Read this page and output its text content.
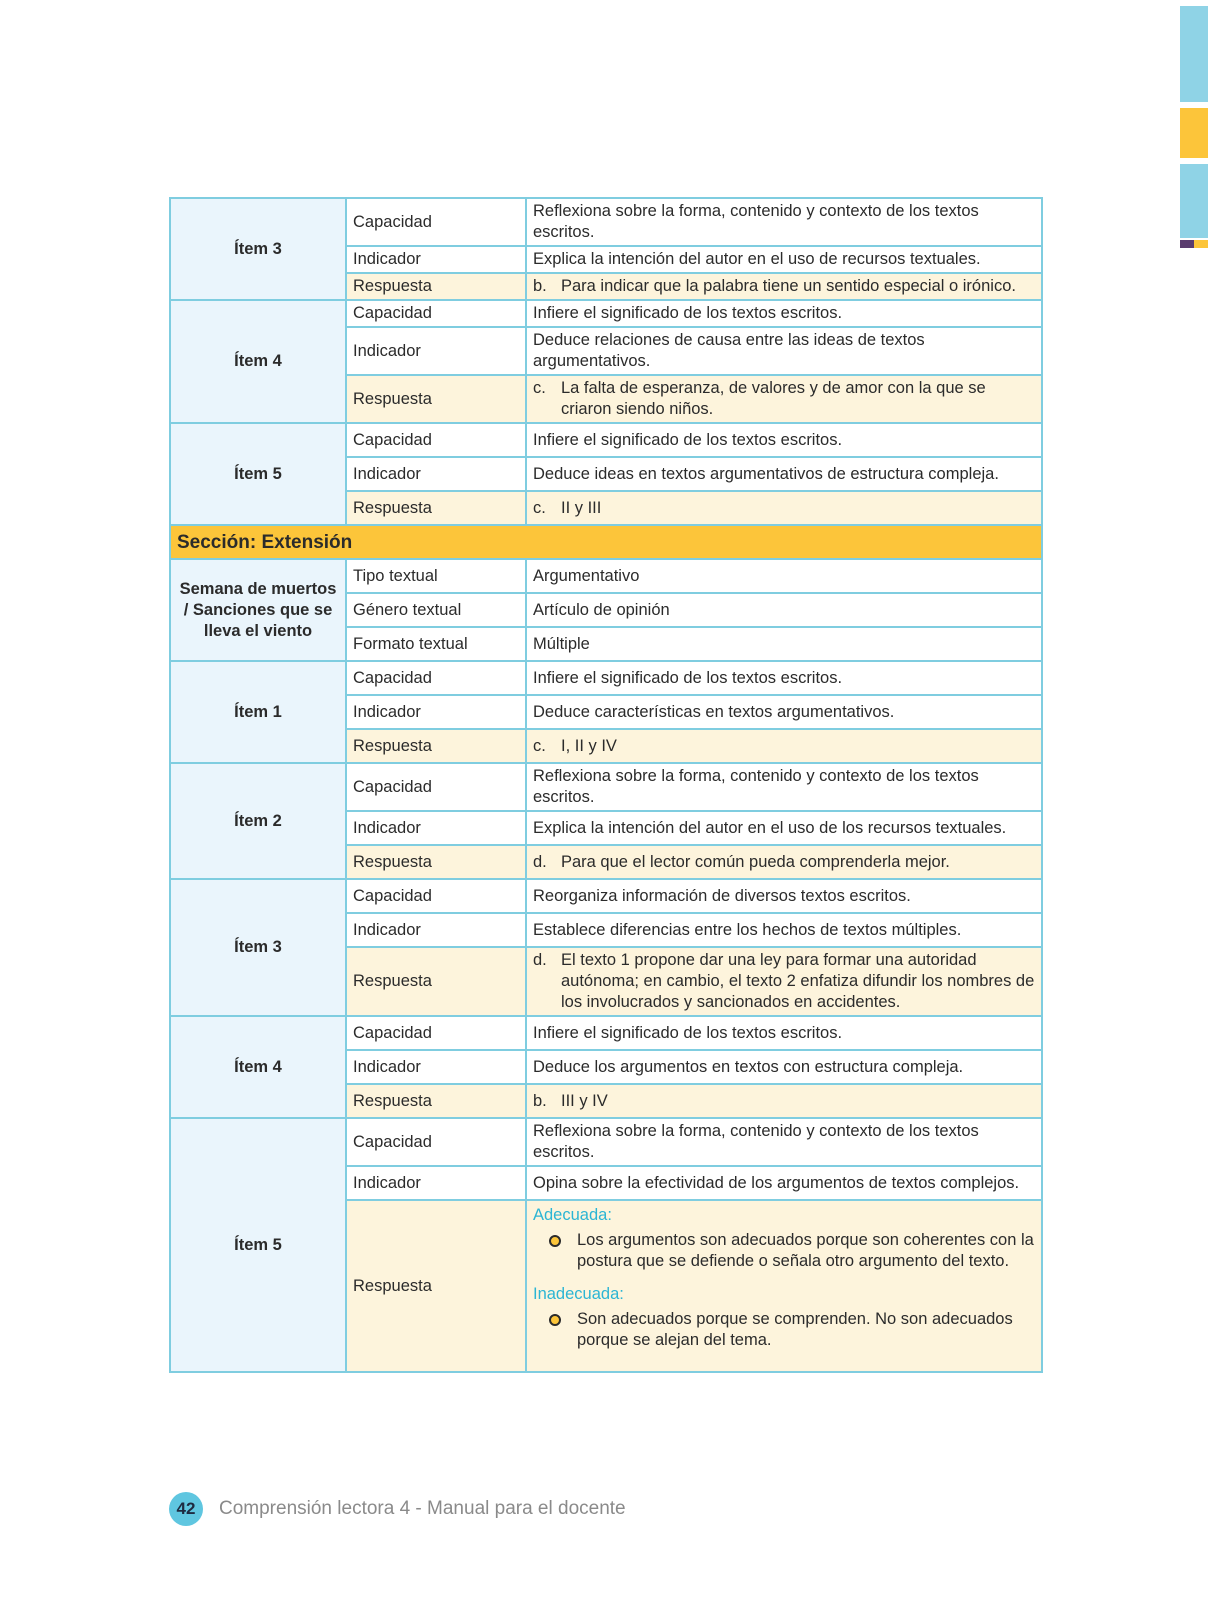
Ítem 3	Capacidad	Reflexiona sobre la forma, contenido y contexto de los textos escritos.
	Indicador	Explica la intención del autor en el uso de recursos textuales.
	Respuesta	b. Para indicar que la palabra tiene un sentido especial o irónico.

Ítem 4	Capacidad	Infiere el significado de los textos escritos.
	Indicador	Deduce relaciones de causa entre las ideas de textos argumentativos.
	Respuesta	c. La falta de esperanza, de valores y de amor con la que se criaron siendo niños.

Ítem 5	Capacidad	Infiere el significado de los textos escritos.
	Indicador	Deduce ideas en textos argumentativos de estructura compleja.
	Respuesta	c. II y III

Sección: Extensión		
Semana de muertos / Sanciones que se lleva el viento	Tipo textual	Argumentativo
	Género textual	Artículo de opinión
	Formato textual	Múltiple
Ítem 1	Capacidad	Infiere el significado de los textos escritos.
	Indicador	Deduce características en textos argumentativos.
	Respuesta	c. I, II y IV

Ítem 2	Capacidad	Reflexiona sobre la forma, contenido y contexto de los textos escritos.
	Indicador	Explica la intención del autor en el uso de los recursos textuales.
	Respuesta	d. Para que el lector común pueda comprenderla mejor.

Ítem 3	Capacidad	Reorganiza información de diversos textos escritos.
	Indicador	Establece diferencias entre los hechos de textos múltiples.
	Respuesta	d. El texto 1 propone dar una ley para formar una autoridad autónoma; en cambio, el texto 2 enfatiza difundir los nombres de los involucrados y sancionados en accidentes.

Ítem 4	Capacidad	Infiere el significado de los textos escritos.
	Indicador	Deduce los argumentos en textos con estructura compleja.
	Respuesta	b. III y IV

Ítem 5	Capacidad	Reflexiona sobre la forma, contenido y contexto de los textos escritos.
	Indicador	Opina sobre la efectividad de los argumentos de textos complejos.
	Respuesta	Adecuada:
Los argumentos son adecuados porque son coherentes con la postura que se defiende o señala otro argumento del texto.
Inadecuada:
Son adecuados porque se comprenden. No son adecuados porque se alejan del tema.
42	Comprensión lectora 4 - Manual para el docente
